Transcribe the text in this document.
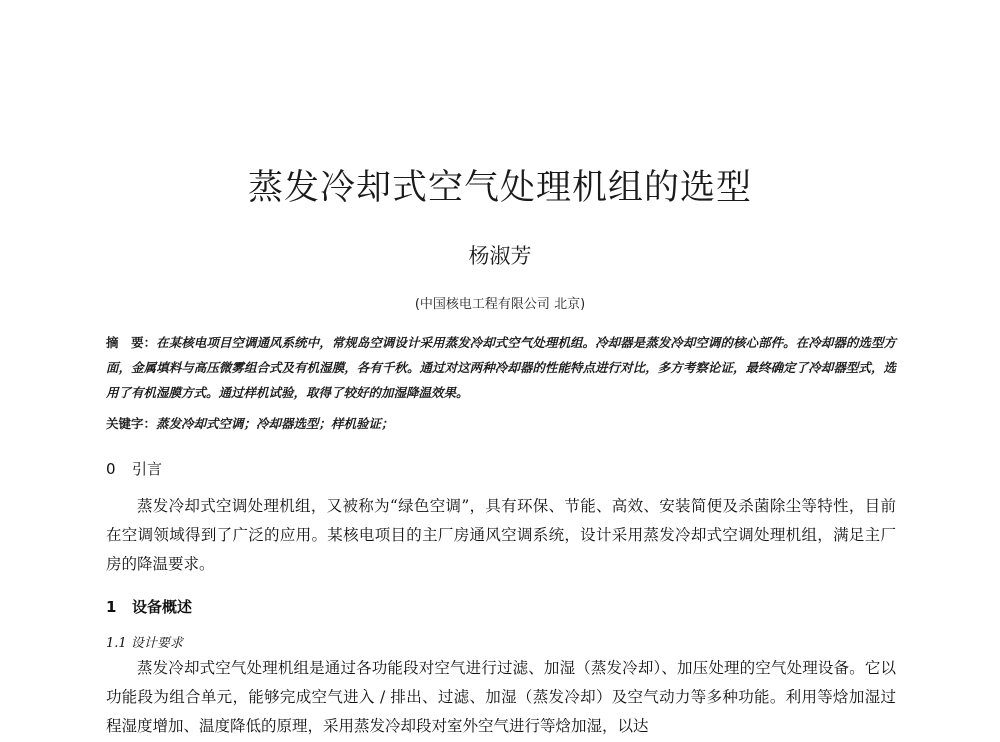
蒸发冷却式空气处理机组的选型
杨淑芳
(中国核电工程有限公司 北京)
摘　要：在某核电项目空调通风系统中，常规岛空调设计采用蒸发冷却式空气处理机组。冷却器是蒸发冷却空调的核心部件。在冷却器的选型方面，金属填料与高压微雾组合式及有机湿膜，各有千秋。通过对这两种冷却器的性能特点进行对比，多方考察论证，最终确定了冷却器型式，选用了有机湿膜方式。通过样机试验，取得了较好的加湿降温效果。
关键字：蒸发冷却式空调；冷却器选型；样机验证；
0 引言
蒸发冷却式空调处理机组，又被称为“绿色空调”，具有环保、节能、高效、安装简便及杀菌除尘等特性，目前在空调领域得到了广泛的应用。某核电项目的主厂房通风空调系统，设计采用蒸发冷却式空调处理机组，满足主厂房的降温要求。
1 设备概述
1.1 设计要求
蒸发冷却式空气处理机组是通过各功能段对空气进行过滤、加湿（蒸发冷却）、加压处理的空气处理设备。它以功能段为组合单元，能够完成空气进入 / 排出、过滤、加湿（蒸发冷却）及空气动力等多种功能。利用等焓加湿过程湿度增加、温度降低的原理，采用蒸发冷却段对室外空气进行等焓加湿，以达
